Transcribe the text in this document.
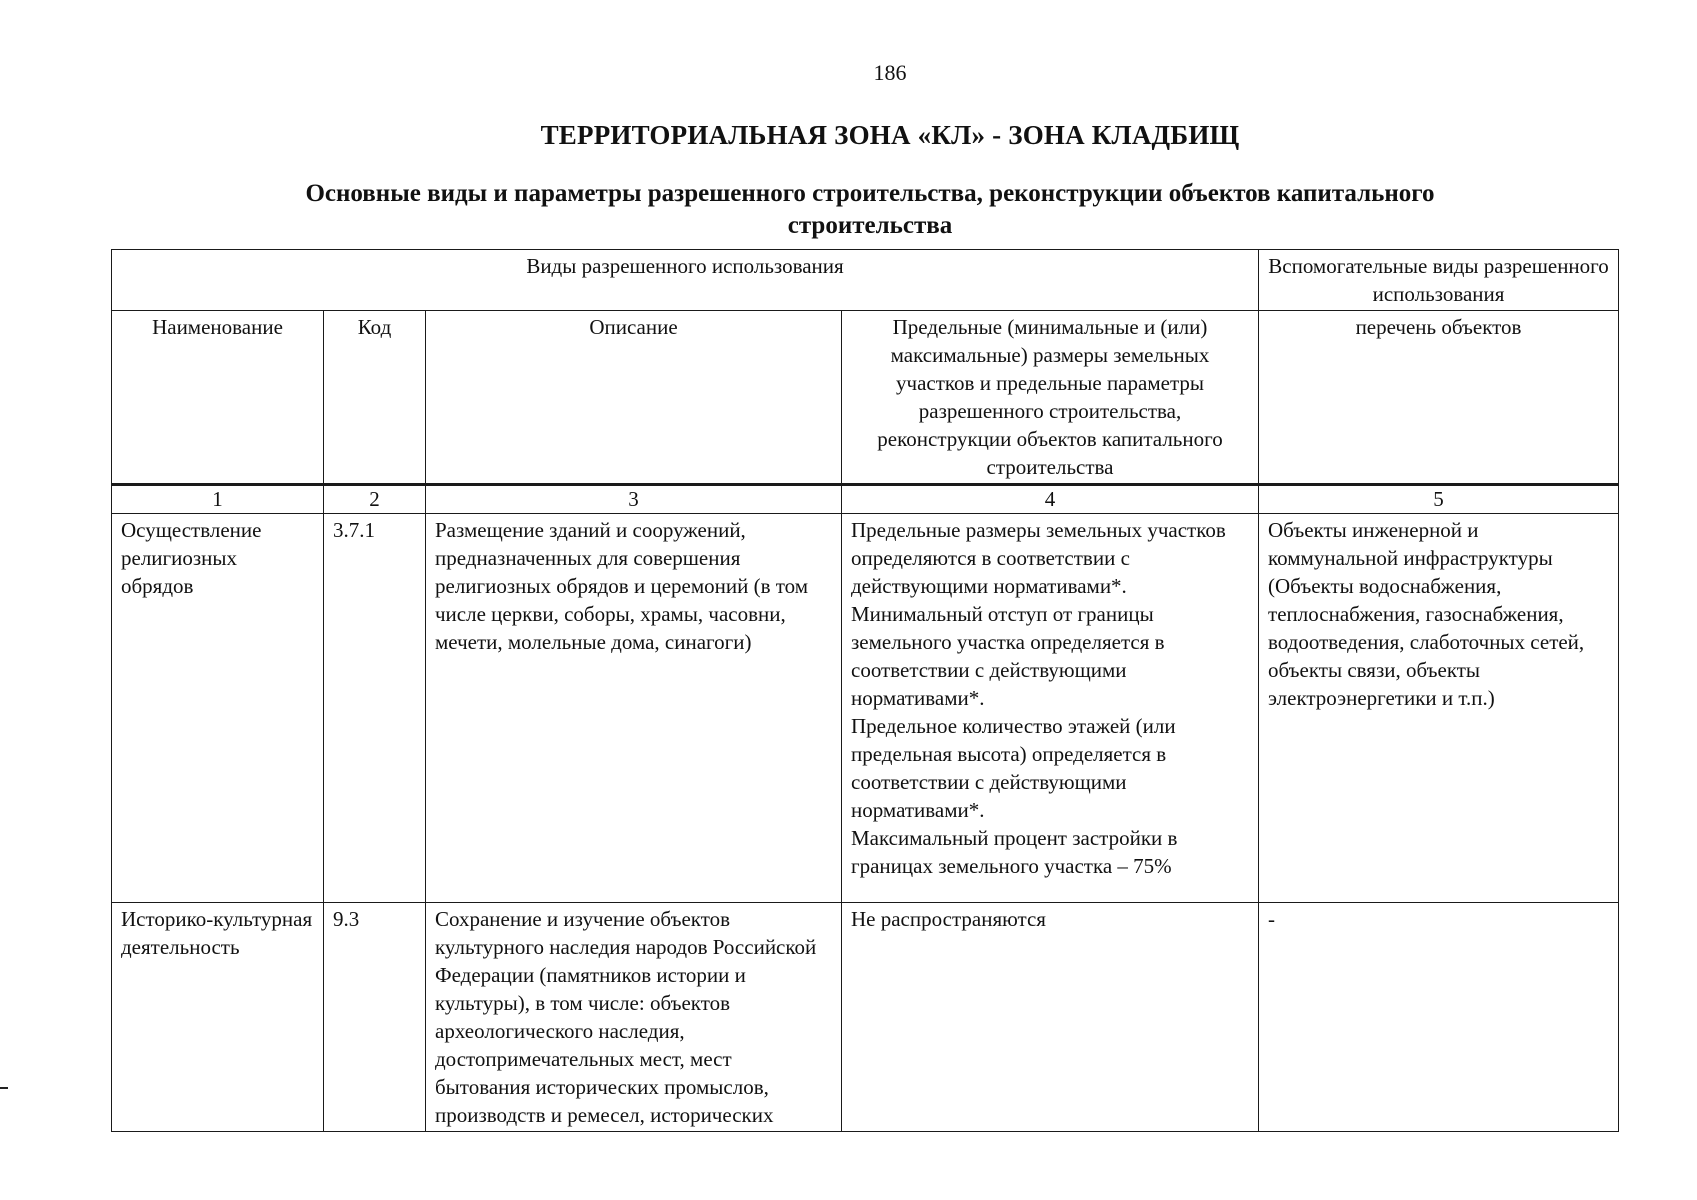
186
ТЕРРИТОРИАЛЬНАЯ ЗОНА «КЛ» - ЗОНА КЛАДБИЩ
Основные виды и параметры разрешенного строительства, реконструкции объектов капитального строительства
Виды разрешенного использования				Вспомогательные виды разрешенного использования
Наименование	Код	Описание	Предельные (минимальные и (или) максимальные) размеры земельных участков и предельные параметры разрешенного строительства, реконструкции объектов капитального строительства	перечень объектов
1	2	3	4	5
Осуществление религиозных обрядов	3.7.1	Размещение зданий и сооружений, предназначенных для совершения религиозных обрядов и церемоний (в том числе церкви, соборы, храмы, часовни, мечети, молельные дома, синагоги)	Предельные размеры земельных участков определяются в соответствии с действующими нормативами*.
Минимальный отступ от границы земельного участка определяется в соответствии с действующими нормативами*.
Предельное количество этажей (или предельная высота) определяется в соответствии с действующими нормативами*.
Максимальный процент застройки в границах земельного участка – 75%	Объекты инженерной и коммунальной инфраструктуры (Объекты водоснабжения, теплоснабжения, газоснабжения, водоотведения, слаботочных сетей, объекты связи, объекты электроэнергетики и т.п.)
Историко-культурная деятельность	9.3	Сохранение и изучение объектов культурного наследия народов Российской Федерации (памятников истории и культуры), в том числе: объектов археологического наследия, достопримечательных мест, мест бытования исторических промыслов, производств и ремесел, исторических	Не распространяются	-
